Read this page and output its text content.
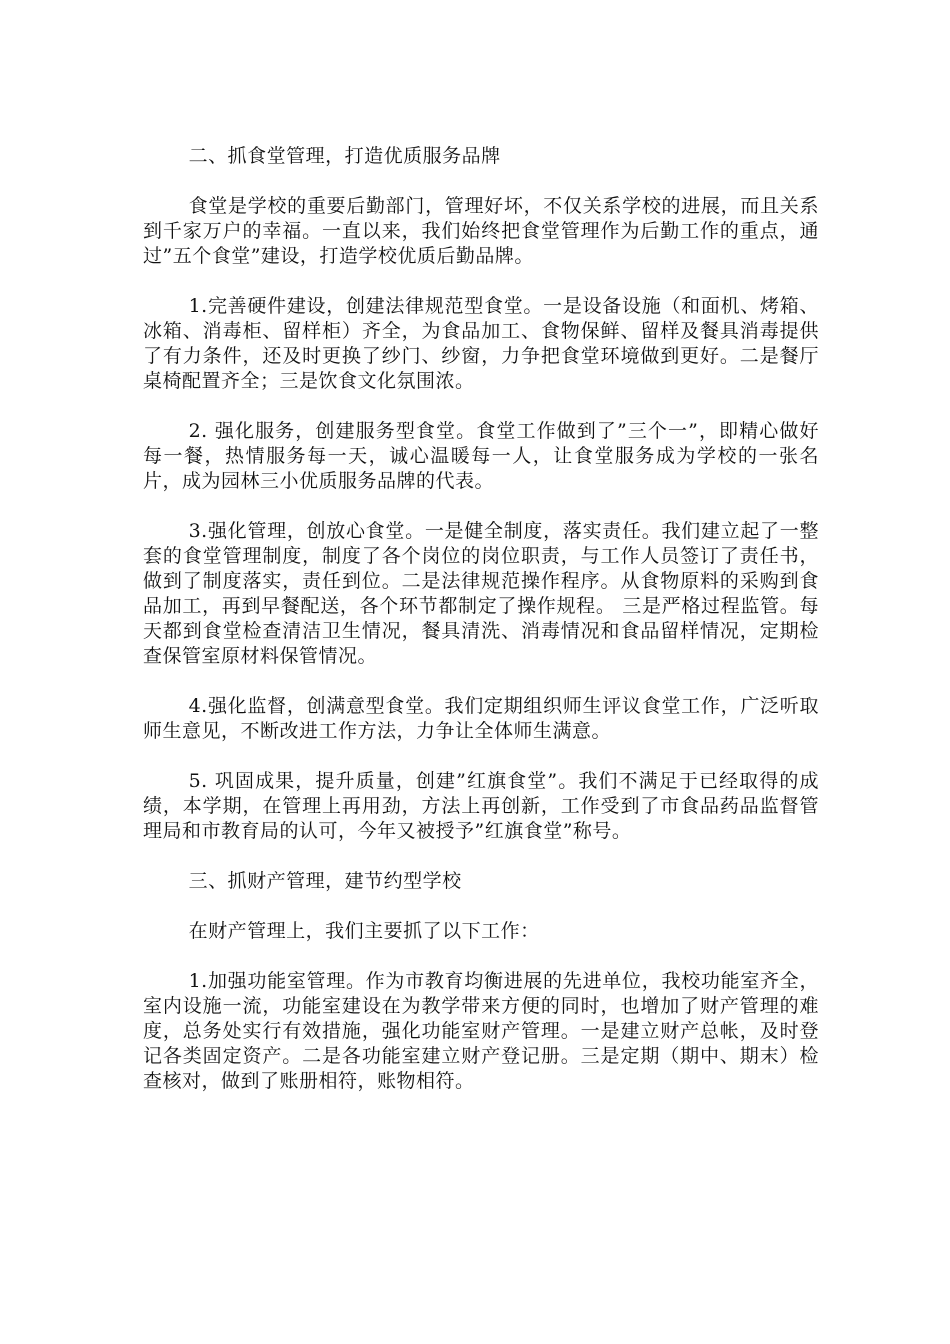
二、抓食堂管理，打造优质服务品牌

食堂是学校的重要后勤部门，管理好坏，不仅关系学校的进展，而且关系到千家万户的幸福。一直以来，我们始终把食堂管理作为后勤工作的重点，通过”五个食堂”建设，打造学校优质后勤品牌。

1.完善硬件建设，创建法律规范型食堂。一是设备设施（和面机、烤箱、冰箱、消毒柜、留样柜）齐全，为食品加工、食物保鲜、留样及餐具消毒提供了有力条件，还及时更换了纱门、纱窗，力争把食堂环境做到更好。二是餐厅桌椅配置齐全；三是饮食文化氛围浓。

2. 强化服务，创建服务型食堂。食堂工作做到了”三个一”，即精心做好每一餐，热情服务每一天，诚心温暖每一人，让食堂服务成为学校的一张名片，成为园林三小优质服务品牌的代表。

3.强化管理，创放心食堂。一是健全制度，落实责任。我们建立起了一整套的食堂管理制度，制度了各个岗位的岗位职责，与工作人员签订了责任书，做到了制度落实，责任到位。二是法律规范操作程序。从食物原料的采购到食品加工，再到早餐配送，各个环节都制定了操作规程。 三是严格过程监管。每天都到食堂检查清洁卫生情况，餐具清洗、消毒情况和食品留样情况，定期检查保管室原材料保管情况。

4.强化监督，创满意型食堂。我们定期组织师生评议食堂工作，广泛听取师生意见，不断改进工作方法，力争让全体师生满意。

5. 巩固成果，提升质量，创建”红旗食堂”。我们不满足于已经取得的成绩，本学期，在管理上再用劲，方法上再创新，工作受到了市食品药品监督管理局和市教育局的认可，今年又被授予”红旗食堂”称号。

三、抓财产管理，建节约型学校

在财产管理上，我们主要抓了以下工作：

1.加强功能室管理。作为市教育均衡进展的先进单位，我校功能室齐全，室内设施一流，功能室建设在为教学带来方便的同时，也增加了财产管理的难度，总务处实行有效措施，强化功能室财产管理。一是建立财产总帐，及时登记各类固定资产。二是各功能室建立财产登记册。三是定期（期中、期末）检查核对，做到了账册相符，账物相符。
